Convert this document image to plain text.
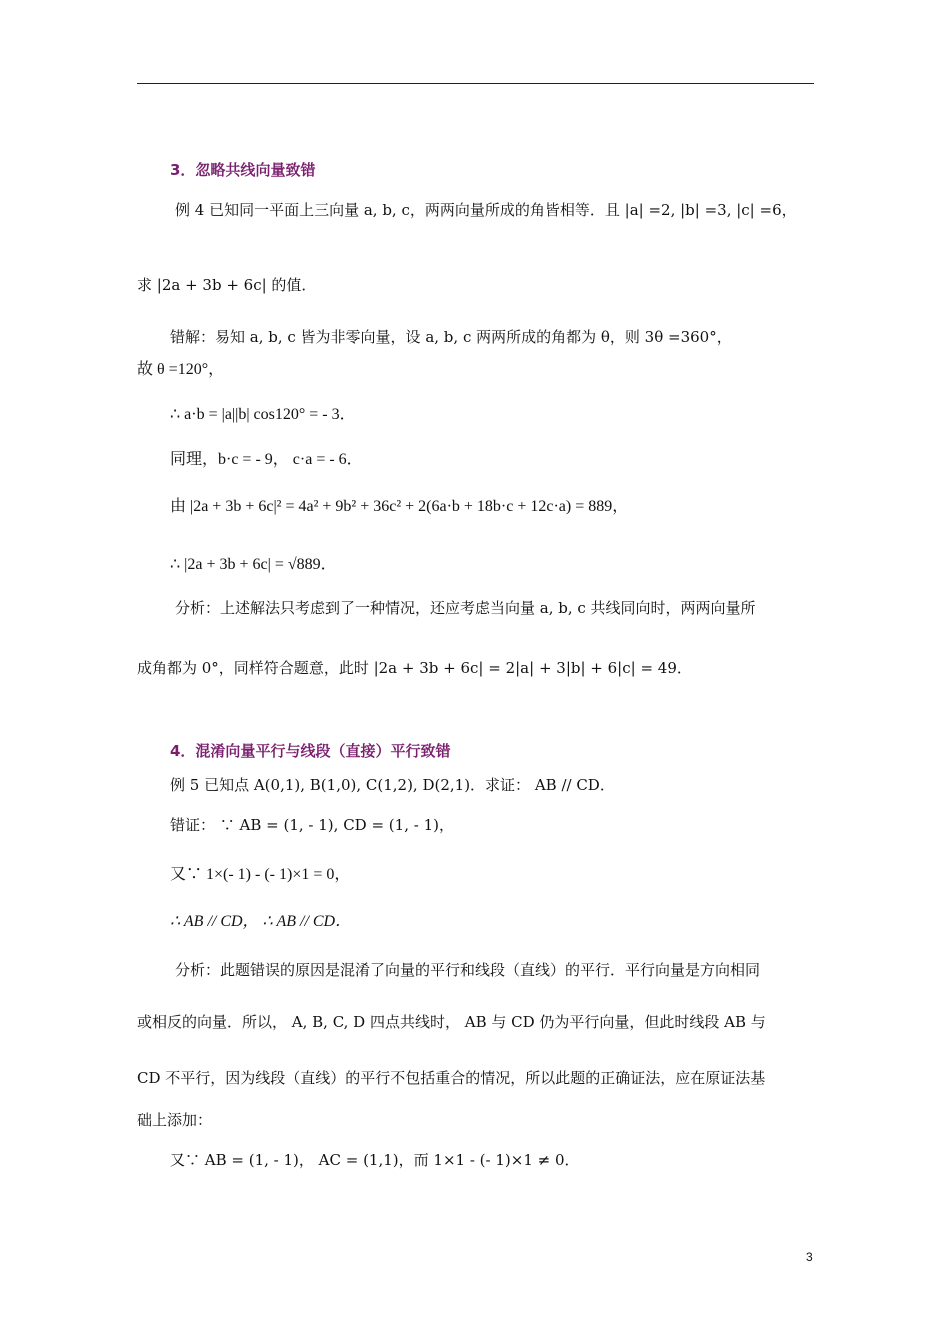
3．忽略共线向量致错
例 4 已知同一平面上三向量 a, b, c，两两向量所成的角皆相等．且 |a| =2, |b| =3, |c| =6，
求 |2a + 3b + 6c| 的值．
错解：易知 a, b, c 皆为非零向量，设 a, b, c 两两所成的角都为 θ，则 3θ =360°，
故 θ =120°，
∴ a·b = |a||b| cos120° = - 3．
同理，b·c = - 9， c·a = - 6．
由 |2a + 3b + 6c|² = 4a² + 9b² + 36c² + 2(6a·b + 18b·c + 12c·a) = 889，
∴ |2a + 3b + 6c| = √889．
分析：上述解法只考虑到了一种情况，还应考虑当向量 a, b, c 共线同向时，两两向量所
成角都为 0°，同样符合题意，此时 |2a + 3b + 6c| = 2|a| + 3|b| + 6|c| = 49．
4．混淆向量平行与线段（直接）平行致错
例 5 已知点 A(0,1), B(1,0), C(1,2), D(2,1)．求证： AB // CD．
错证： ∵ AB = (1, - 1), CD = (1, - 1)，
又∵ 1×(- 1) - (- 1)×1 = 0，
∴ AB // CD， ∴ AB // CD．
分析：此题错误的原因是混淆了向量的平行和线段（直线）的平行．平行向量是方向相同
或相反的向量．所以， A, B, C, D 四点共线时， AB 与 CD 仍为平行向量，但此时线段 AB 与
CD 不平行，因为线段（直线）的平行不包括重合的情况，所以此题的正确证法，应在原证法基
础上添加：
又∵ AB = (1, - 1)， AC = (1,1)，而 1×1 - (- 1)×1 ≠ 0．
3
